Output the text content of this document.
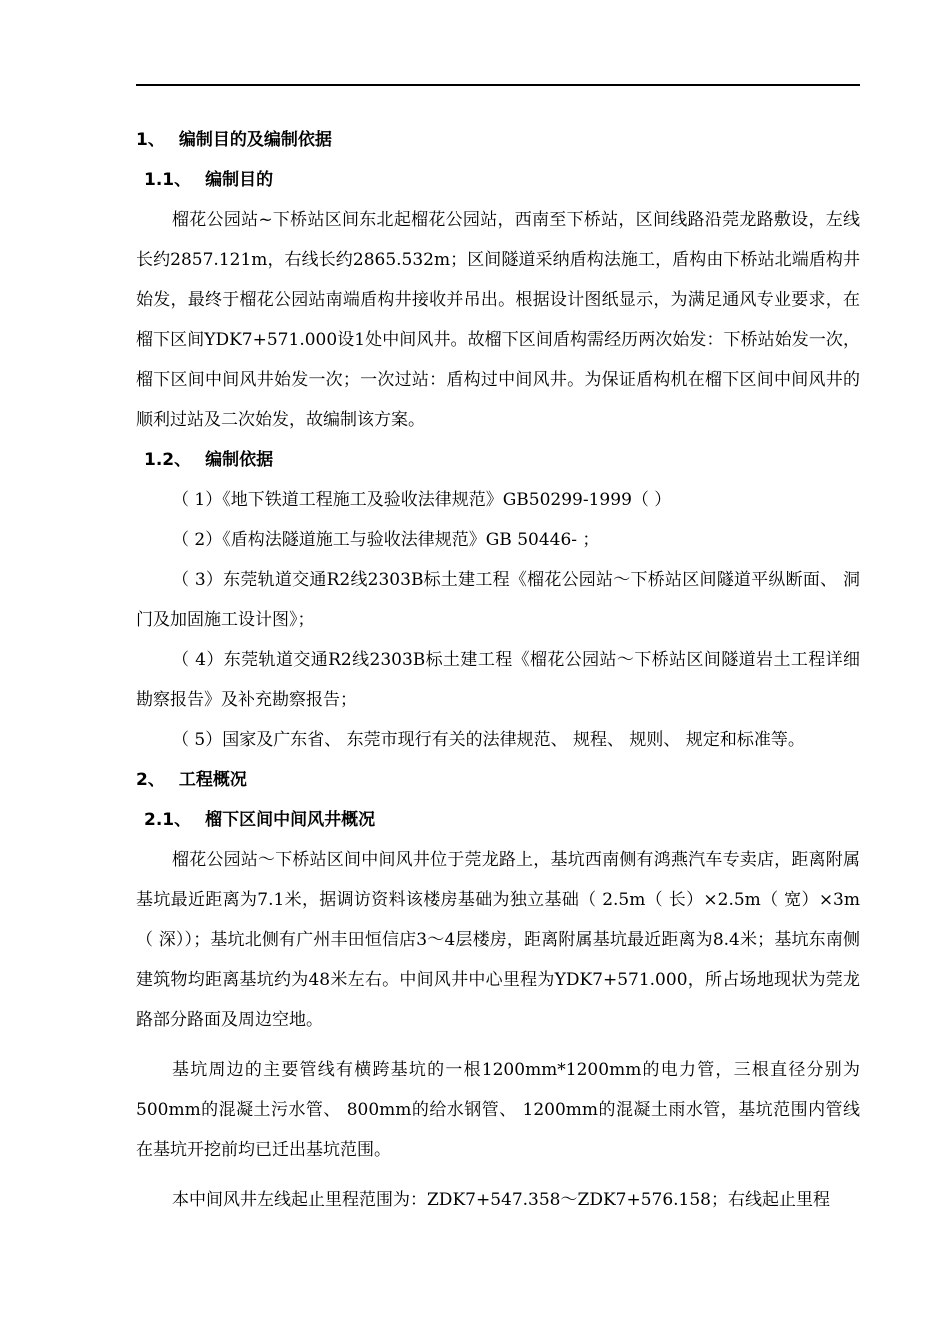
1、 编制目的及编制依据
1.1、 编制目的

榴花公园站~下桥站区间东北起榴花公园站，西南至下桥站，区间线路沿莞龙路敷设，左线长约2857.121m，右线长约2865.532m；区间隧道采纳盾构法施工，盾构由下桥站北端盾构井始发，最终于榴花公园站南端盾构井接收并吊出。根据设计图纸显示，为满足通风专业要求，在榴下区间YDK7+571.000设1处中间风井。故榴下区间盾构需经历两次始发：下桥站始发一次，榴下区间中间风井始发一次；一次过站：盾构过中间风井。为保证盾构机在榴下区间中间风井的顺利过站及二次始发，故编制该方案。

1.2、 编制依据

（ 1）《地下铁道工程施工及验收法律规范》GB50299-1999（ ）

（ 2）《盾构法隧道施工与验收法律规范》GB 50446- ；

（ 3）东莞轨道交通R2线2303B标土建工程《榴花公园站～下桥站区间隧道平纵断面、 洞门及加固施工设计图》；

（ 4）东莞轨道交通R2线2303B标土建工程《榴花公园站～下桥站区间隧道岩土工程详细勘察报告》及补充勘察报告；

（ 5）国家及广东省、 东莞市现行有关的法律规范、 规程、 规则、 规定和标准等。

2、 工程概况
2.1、 榴下区间中间风井概况

榴花公园站～下桥站区间中间风井位于莞龙路上，基坑西南侧有鸿燕汽车专卖店，距离附属基坑最近距离为7.1米，据调访资料该楼房基础为独立基础（ 2.5m（ 长）×2.5m（ 宽）×3m（ 深））；基坑北侧有广州丰田恒信店3～4层楼房，距离附属基坑最近距离为8.4米；基坑东南侧建筑物均距离基坑约为48米左右。中间风井中心里程为YDK7+571.000，所占场地现状为莞龙路部分路面及周边空地。

基坑周边的主要管线有横跨基坑的一根1200mm*1200mm的电力管，三根直径分别为500mm的混凝土污水管、 800mm的给水钢管、 1200mm的混凝土雨水管，基坑范围内管线在基坑开挖前均已迁出基坑范围。

本中间风井左线起止里程范围为：ZDK7+547.358～ZDK7+576.158；右线起止里程
